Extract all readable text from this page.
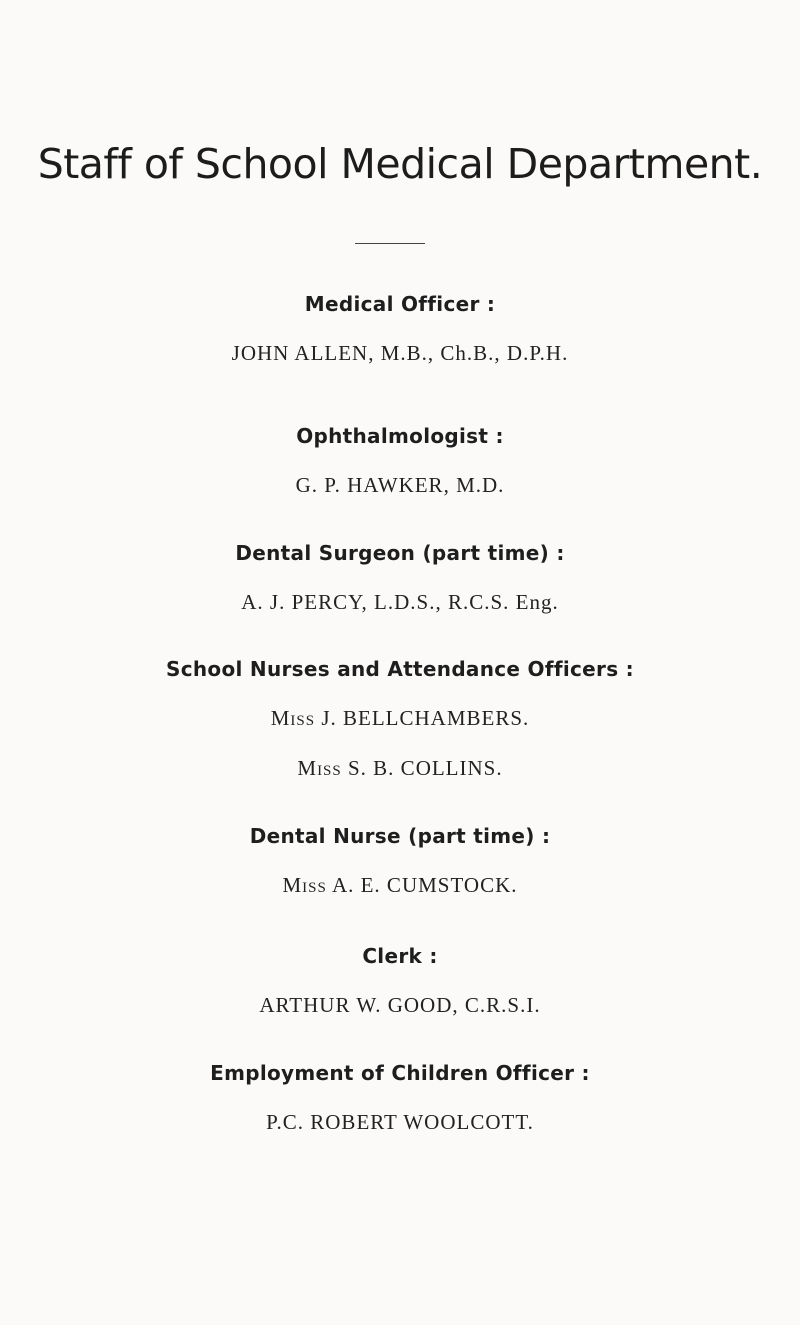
Staff of School Medical Department.

Medical Officer :

JOHN ALLEN, M.B., Ch.B., D.P.H.

Ophthalmologist :

G. P. HAWKER, M.D.

Dental Surgeon (part time) :

A. J. PERCY, L.D.S., R.C.S. Eng.

School Nurses and Attendance Officers :

Miss J. BELLCHAMBERS.

Miss S. B. COLLINS.

Dental Nurse (part time) :

Miss A. E. CUMSTOCK.

Clerk :

ARTHUR W. GOOD, C.R.S.I.

Employment of Children Officer :

P.C. ROBERT WOOLCOTT.
